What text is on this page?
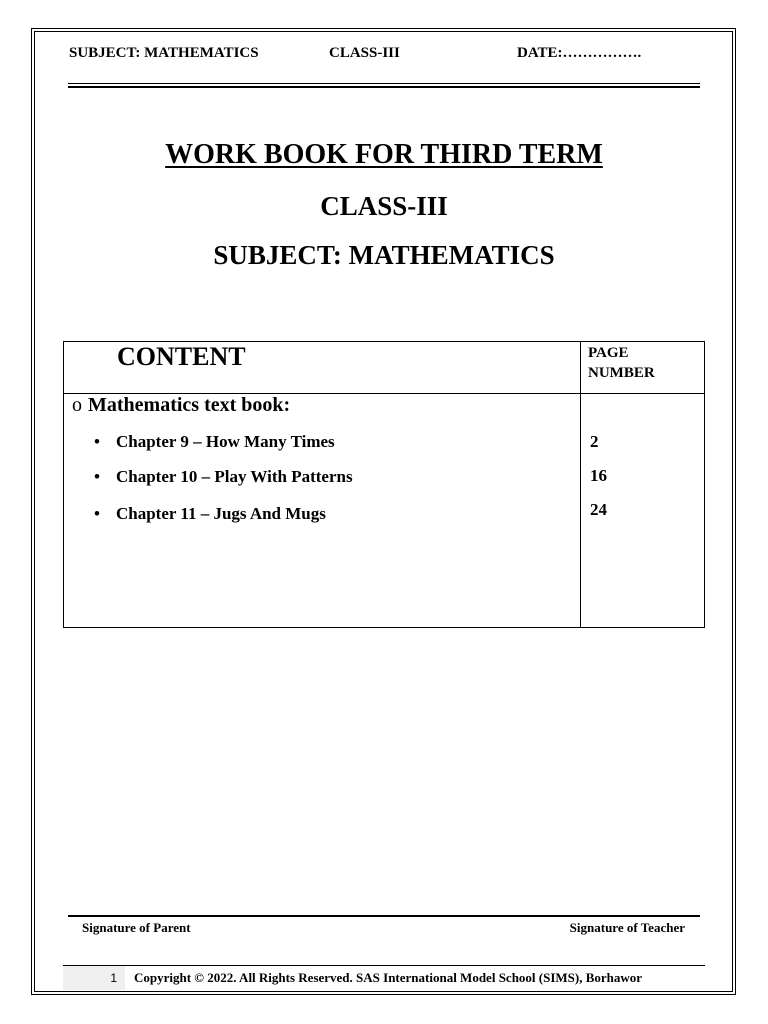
SUBJECT: MATHEMATICS	CLASS-III	DATE:…………….
WORK BOOK FOR THIRD TERM
CLASS-III
SUBJECT: MATHEMATICS
CONTENT	PAGE
NUMBER
o Mathematics text book:
• Chapter 9 – How Many Times	2
• Chapter 10 – Play With Patterns	16
• Chapter 11 – Jugs And Mugs	24
Signature of Parent	Signature of Teacher
1	Copyright © 2022. All Rights Reserved. SAS International Model School (SIMS), Borhawor
